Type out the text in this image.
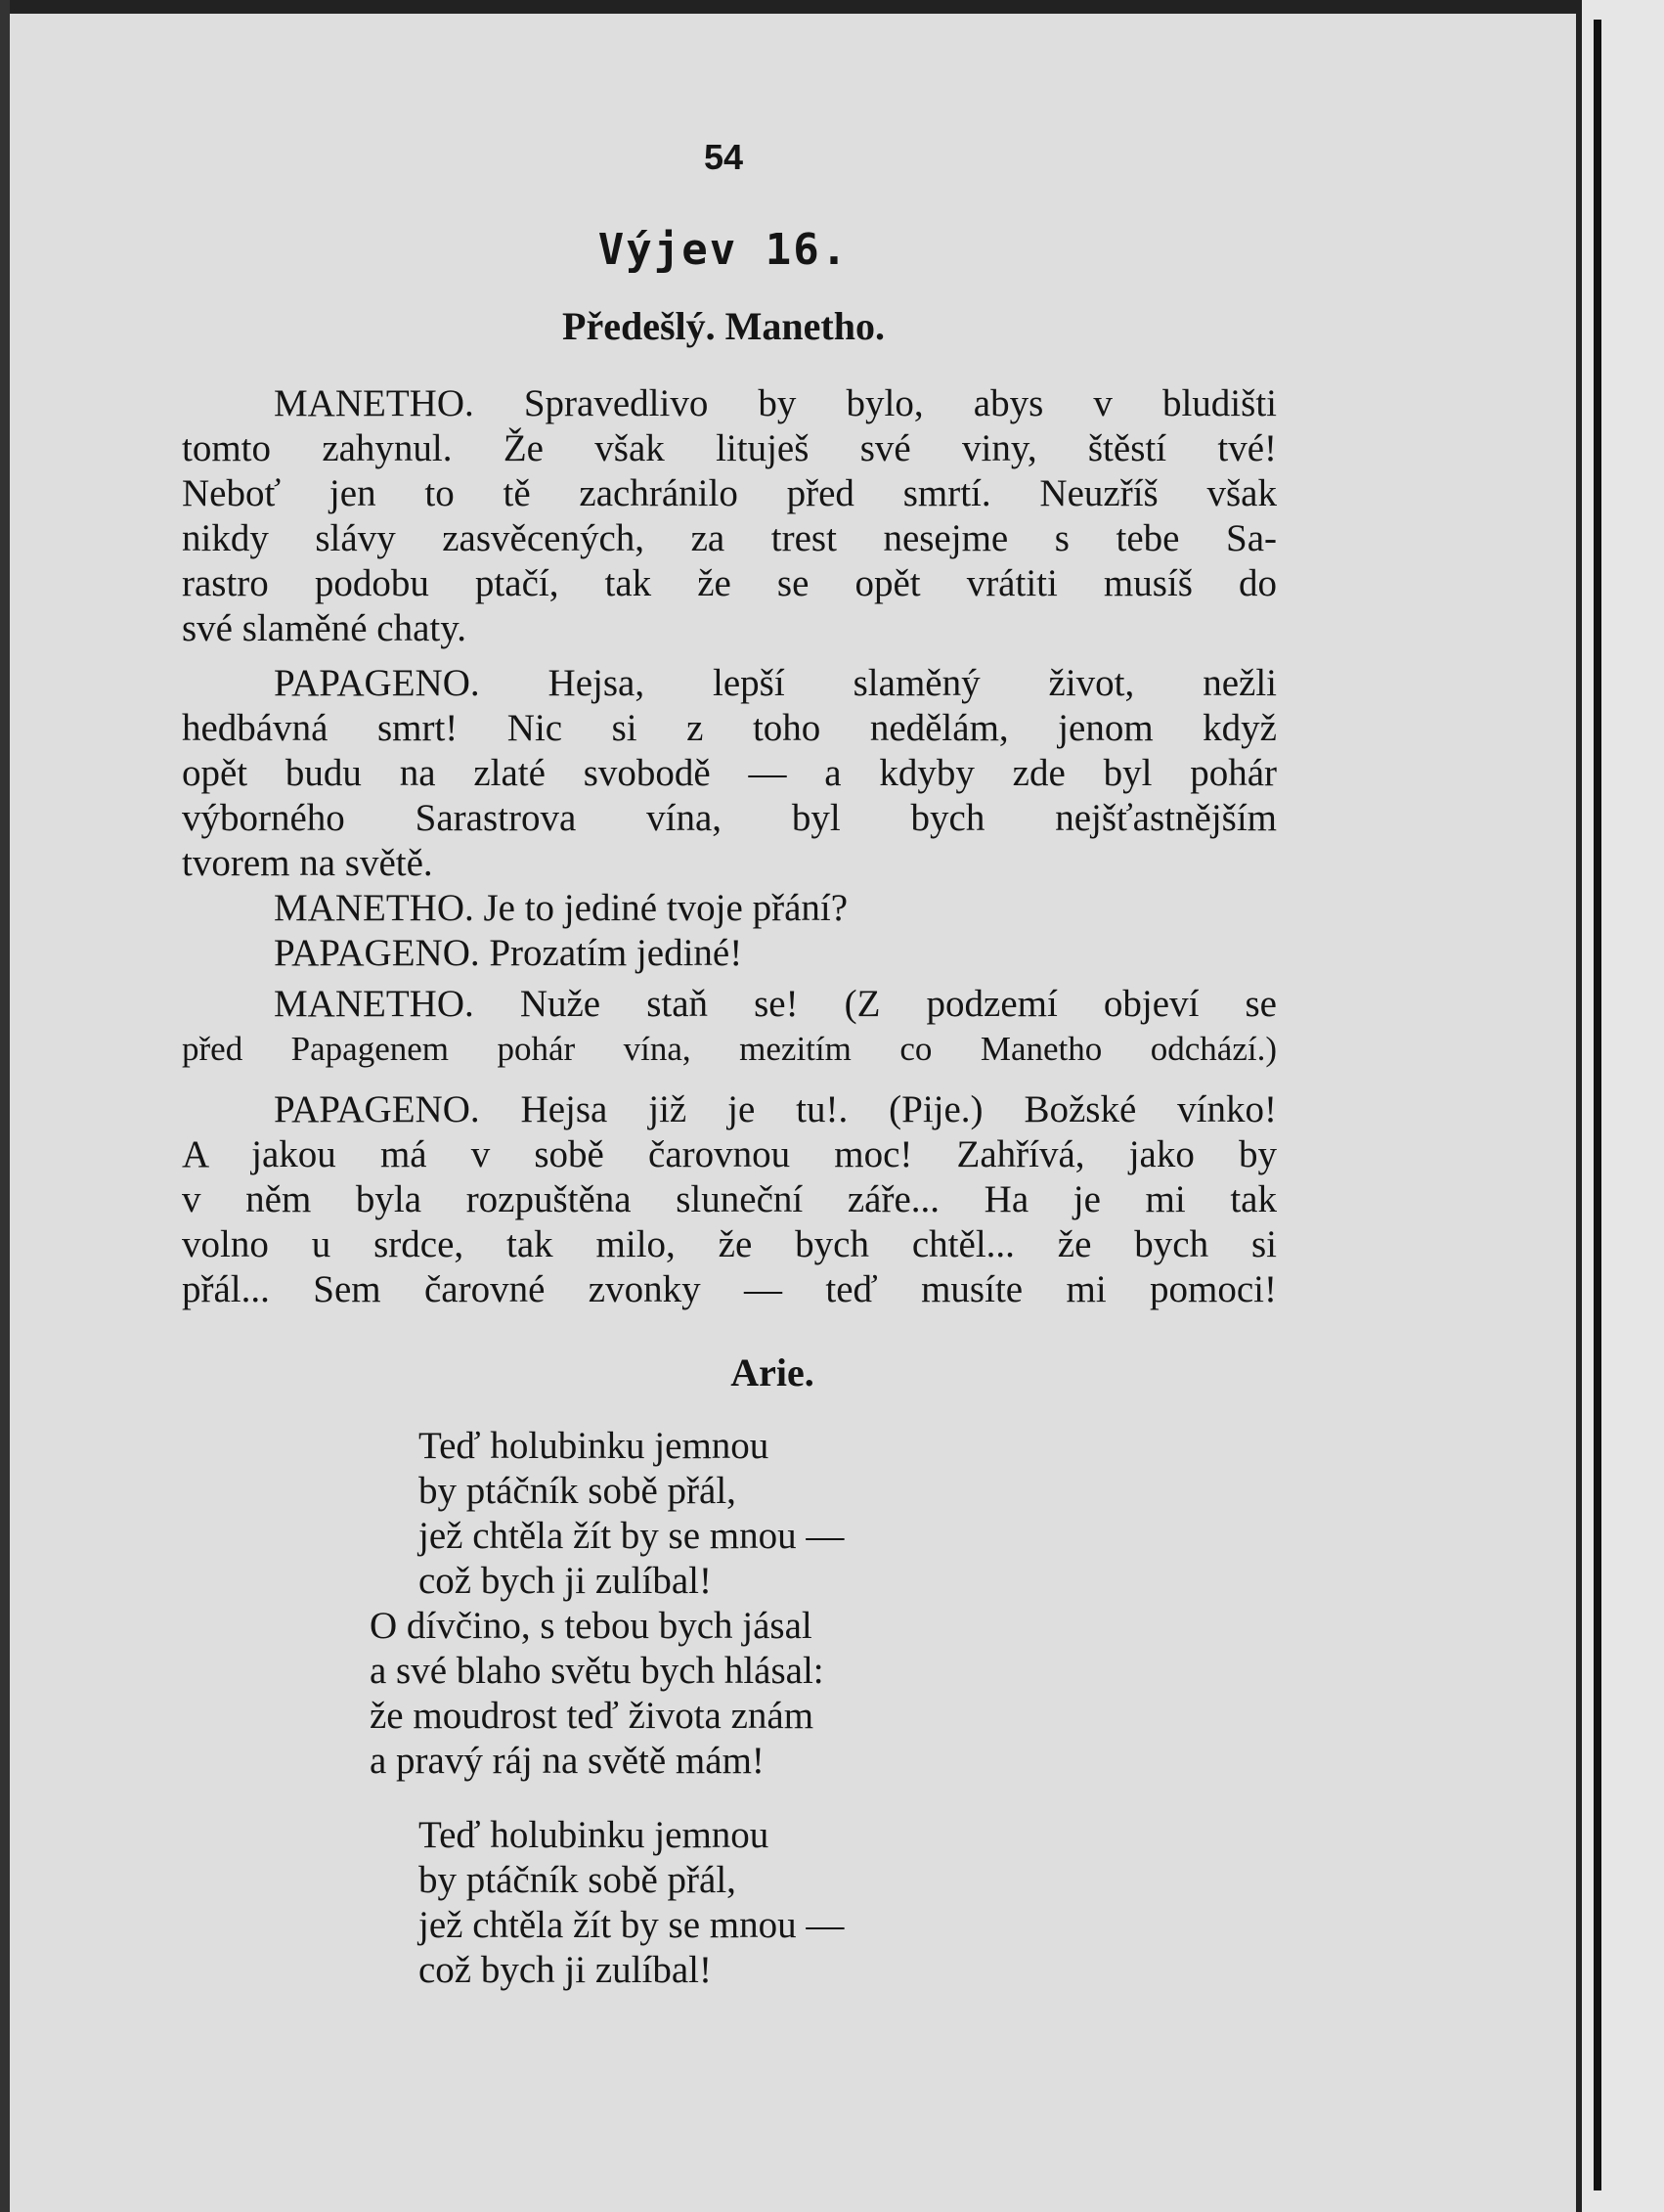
54
Výjev 16.
Předešlý. Manetho.
MANETHO. Spravedlivo by bylo, abys v bludišti
tomto zahynul. Že však lituješ své viny, štěstí tvé!
Neboť jen to tě zachránilo před smrtí. Neuzříš však
nikdy slávy zasvěcených, za trest nesejme s tebe Sa-
rastro podobu ptačí, tak že se opět vrátiti musíš do
své slaměné chaty.
PAPAGENO. Hejsa, lepší slaměný život, nežli
hedbávná smrt! Nic si z toho nedělám, jenom když
opět budu na zlaté svobodě — a kdyby zde byl pohár
výborného Sarastrova vína, byl bych nejšťastnějším
tvorem na světě.
MANETHO. Je to jediné tvoje přání?
PAPAGENO. Prozatím jediné!
MANETHO. Nuže staň se! (Z podzemí objeví se
před Papagenem pohár vína, mezitím co Manetho odchází.)
PAPAGENO. Hejsa již je tu!. (Pije.) Božské vínko!
A jakou má v sobě čarovnou moc! Zahřívá, jako by
v něm byla rozpuštěna sluneční záře... Ha je mi tak
volno u srdce, tak milo, že bych chtěl... že bych si
přál... Sem čarovné zvonky — teď musíte mi pomoci!
Arie.
Teď holubinku jemnou
by ptáčník sobě přál,
jež chtěla žít by se mnou —
což bych ji zulíbal!
O dívčino, s tebou bych jásal
a své blaho světu bych hlásal:
že moudrost teď života znám
a pravý ráj na světě mám!
Teď holubinku jemnou
by ptáčník sobě přál,
jež chtěla žít by se mnou —
což bych ji zulíbal!
